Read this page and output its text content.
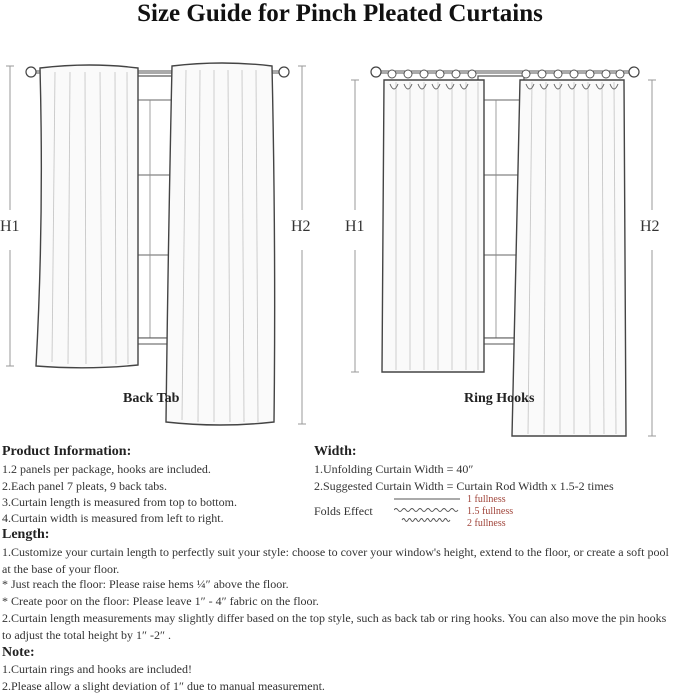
Size Guide for Pinch Pleated Curtains
H1	H2 H1	H2
Back Tab	Ring Hooks
Product Information:
1.2 panels per package, hooks are included.
2.Each panel 7 pleats, 9 back tabs.
3.Curtain length is measured from top to bottom.
4.Curtain width is measured from left to right.
Width:
1.Unfolding Curtain Width = 40″
2.Suggested Curtain Width = Curtain Rod Width x 1.5-2 times
Folds Effect
1 fullness
1.5 fullness
2 fullness
Length:
1.Customize your curtain length to perfectly suit your style: choose to cover your window's height, extend to the floor, or create a soft pool at the base of your floor.
* Just reach the floor: Please raise hems ¼″ above the floor.
* Create poor on the floor: Please leave 1″ - 4″ fabric on the floor.
2.Curtain length measurements may slightly differ based on the top style, such as back tab or ring hooks. You can also move the pin hooks to adjust the total height by 1″ -2″ .
Note:
1.Curtain rings and hooks are included!
2.Please allow a slight deviation of 1″ due to manual measurement.
